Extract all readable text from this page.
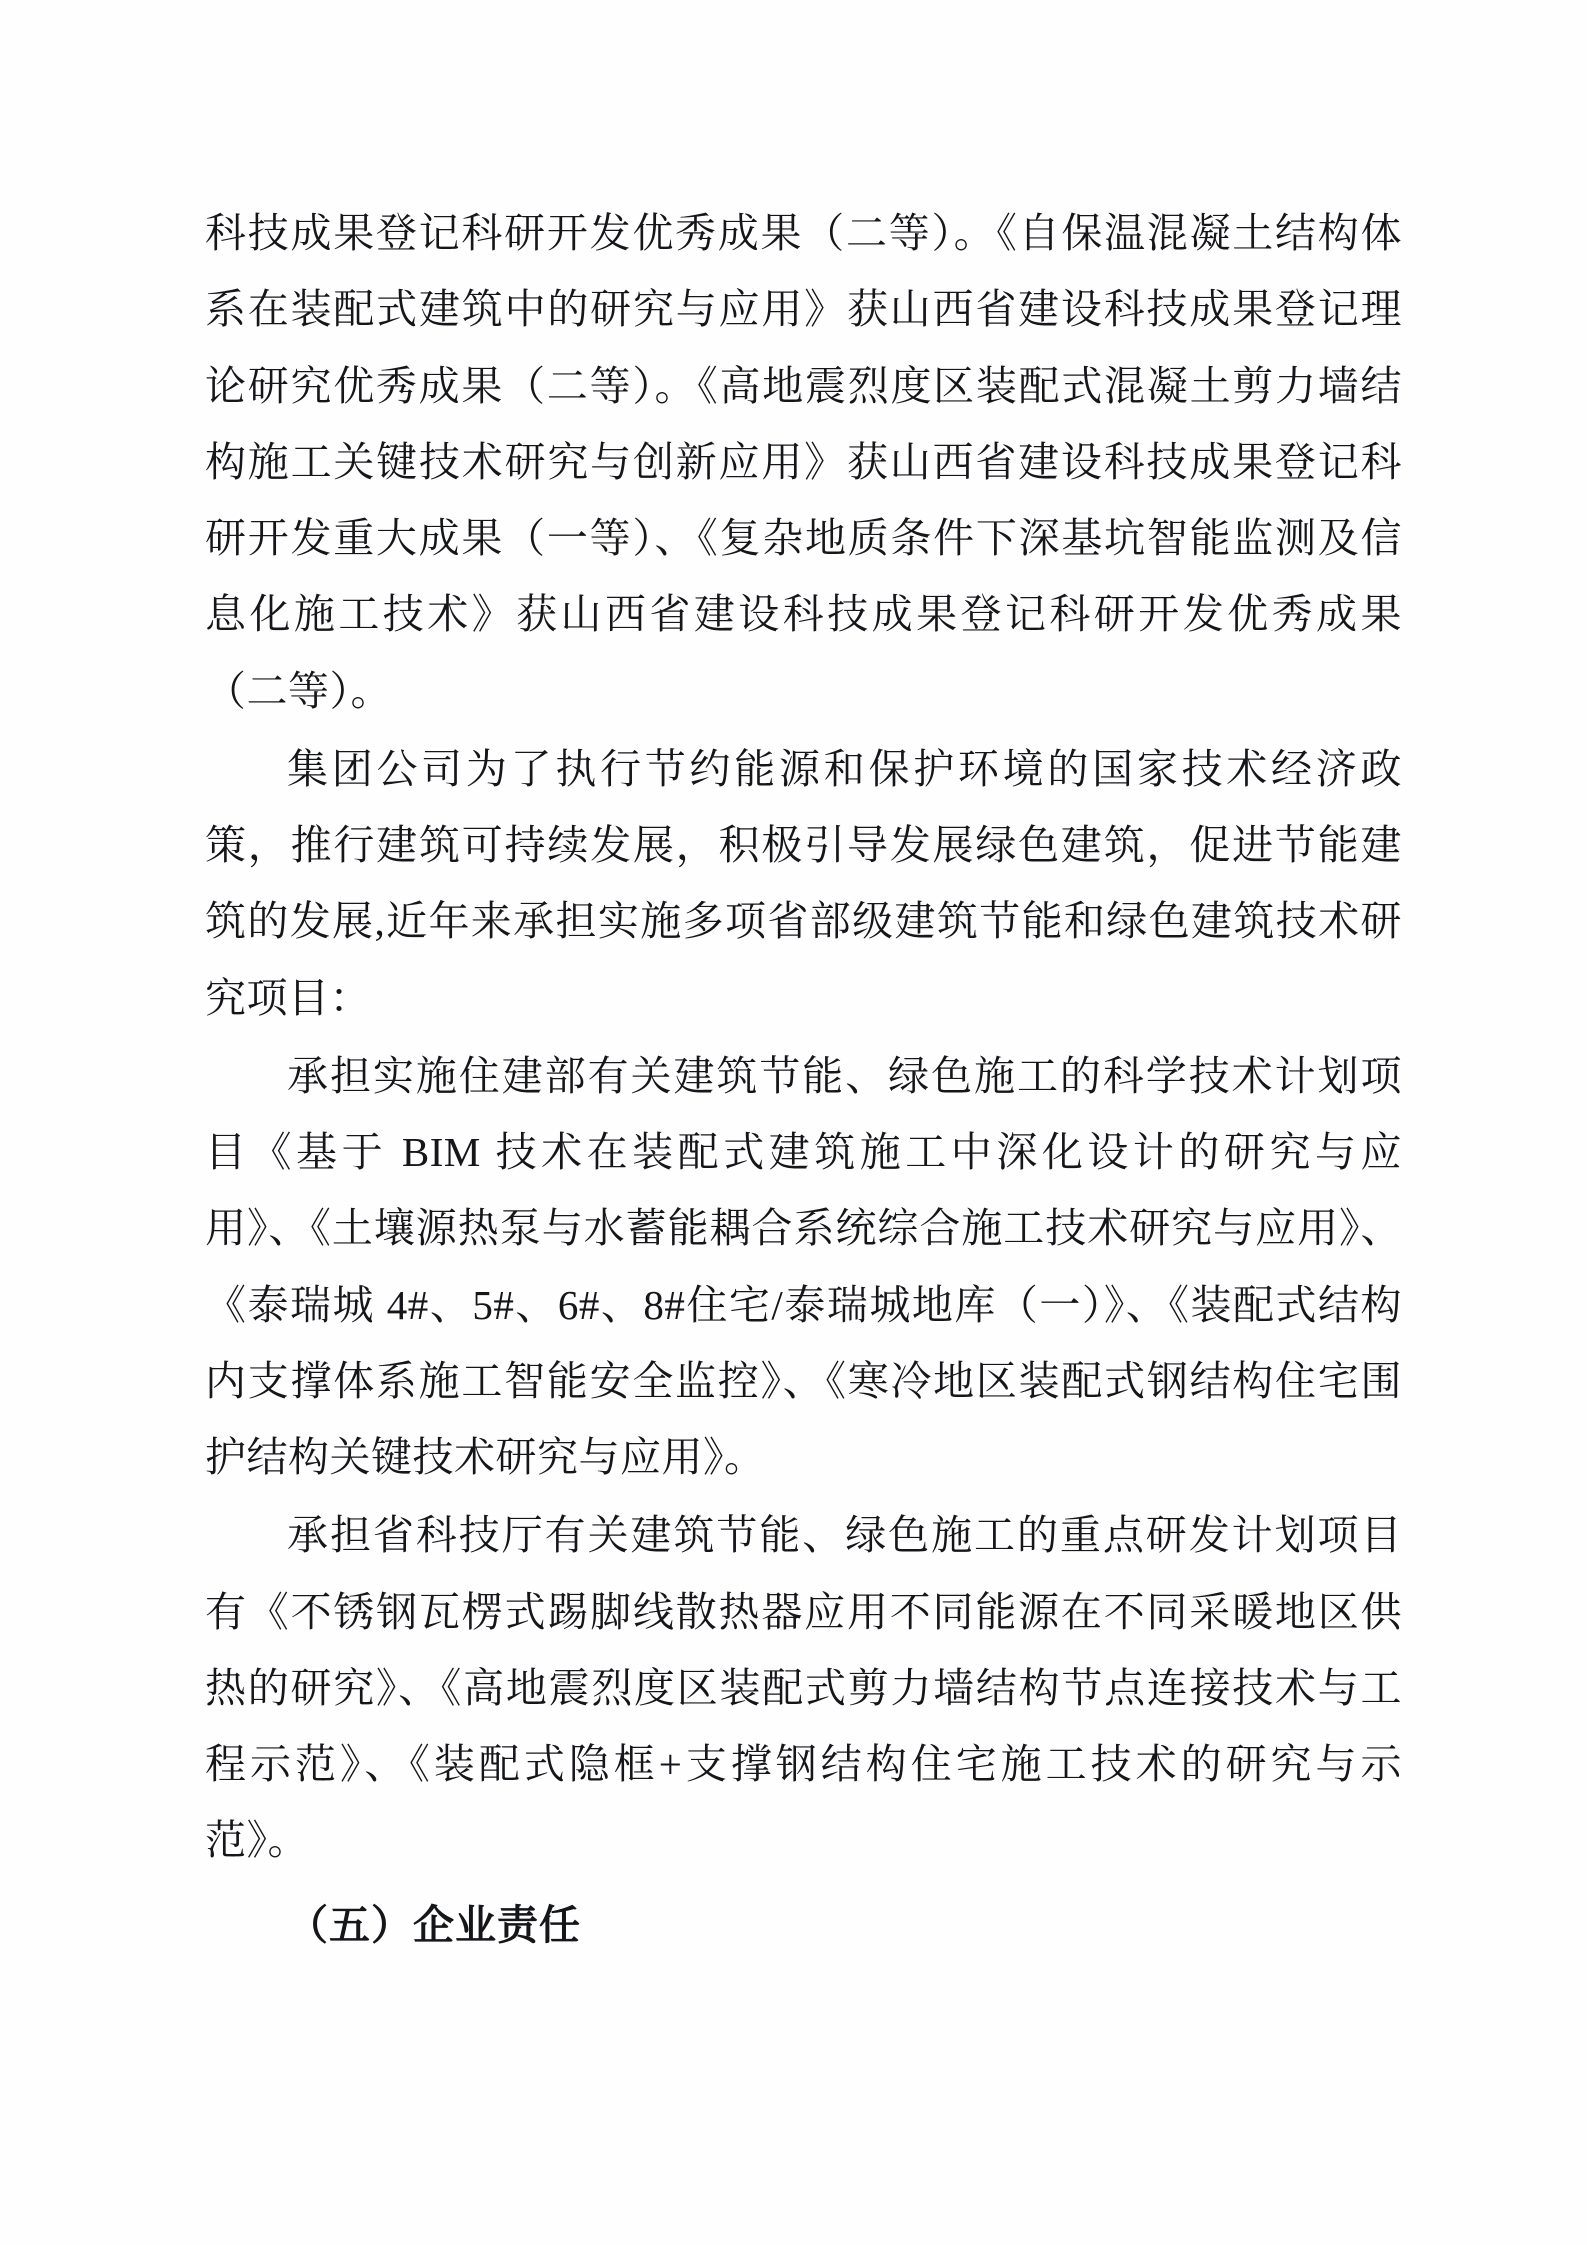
科技成果登记科研开发优秀成果（二等）。《自保温混凝土结构体系在装配式建筑中的研究与应用》获山西省建设科技成果登记理论研究优秀成果（二等）。《高地震烈度区装配式混凝土剪力墙结构施工关键技术研究与创新应用》获山西省建设科技成果登记科研开发重大成果（一等）、《复杂地质条件下深基坑智能监测及信息化施工技术》获山西省建设科技成果登记科研开发优秀成果（二等）。

集团公司为了执行节约能源和保护环境的国家技术经济政策，推行建筑可持续发展，积极引导发展绿色建筑，促进节能建筑的发展,近年来承担实施多项省部级建筑节能和绿色建筑技术研究项目：

承担实施住建部有关建筑节能、绿色施工的科学技术计划项目《基于 BIM 技术在装配式建筑施工中深化设计的研究与应用》、《土壤源热泵与水蓄能耦合系统综合施工技术研究与应用》、《泰瑞城 4#、5#、6#、8#住宅/泰瑞城地库（一）》、《装配式结构内支撑体系施工智能安全监控》、《寒冷地区装配式钢结构住宅围护结构关键技术研究与应用》。

承担省科技厅有关建筑节能、绿色施工的重点研发计划项目有《不锈钢瓦楞式踢脚线散热器应用不同能源在不同采暖地区供热的研究》、《高地震烈度区装配式剪力墙结构节点连接技术与工程示范》、《装配式隐框+支撑钢结构住宅施工技术的研究与示范》。

（五）企业责任
